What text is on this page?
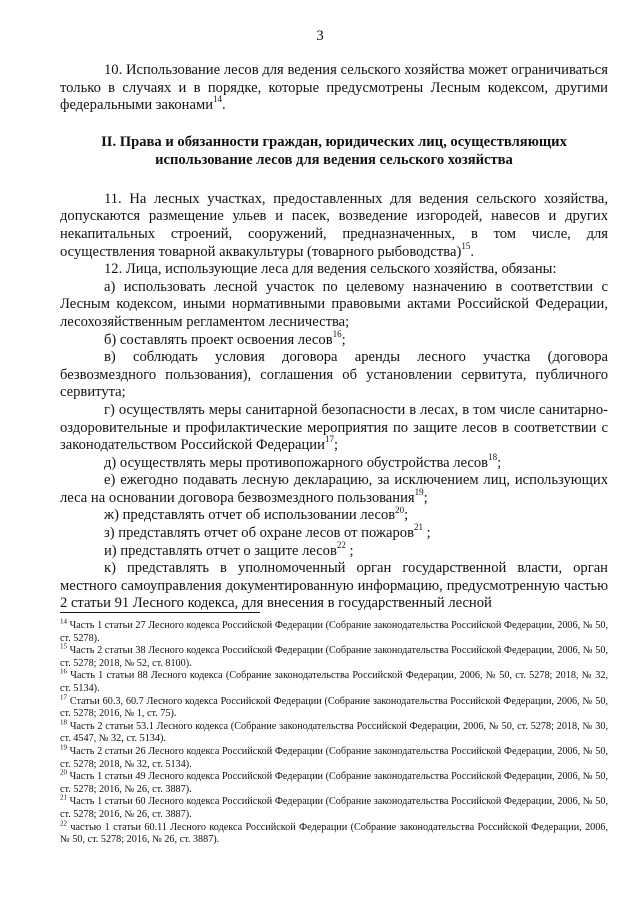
3

10. Использование лесов для ведения сельского хозяйства может ограничиваться только в случаях и в порядке, которые предусмотрены Лесным кодексом, другими федеральными законами$^{14}$.

II. Права и обязанности граждан, юридических лиц, осуществляющих использование лесов для ведения сельского хозяйства

11. На лесных участках, предоставленных для ведения сельского хозяйства, допускаются размещение ульев и пасек, возведение изгородей, навесов и других некапитальных строений, сооружений, предназначенных, в том числе, для осуществления товарной аквакультуры (товарного рыбоводства)$^{15}$.

12. Лица, использующие леса для ведения сельского хозяйства, обязаны:

а) использовать лесной участок по целевому назначению в соответствии с Лесным кодексом, иными нормативными правовыми актами Российской Федерации, лесохозяйственным регламентом лесничества;

б) составлять проект освоения лесов$^{16}$;

в) соблюдать условия договора аренды лесного участка (договора безвозмездного пользования), соглашения об установлении сервитута, публичного сервитута;

г) осуществлять меры санитарной безопасности в лесах, в том числе санитарно-оздоровительные и профилактические мероприятия по защите лесов в соответствии с законодательством Российской Федерации$^{17}$;

д) осуществлять меры противопожарного обустройства лесов$^{18}$;

е) ежегодно подавать лесную декларацию, за исключением лиц, использующих леса на основании договора безвозмездного пользования$^{19}$;

ж) представлять отчет об использовании лесов$^{20}$;

з) представлять отчет об охране лесов от пожаров$^{21}$ ;

и) представлять отчет о защите лесов$^{22}$ ;

к) представлять в уполномоченный орган государственной власти, орган местного самоуправления документированную информацию, предусмотренную частью 2 статьи 91 Лесного кодекса, для внесения в государственный лесной

$^{14}$ Часть 1 статьи 27 Лесного кодекса Российской Федерации (Собрание законодательства Российской Федерации, 2006, № 50, ст. 5278).

$^{15}$ Часть 2 статьи 38 Лесного кодекса Российской Федерации (Собрание законодательства Российской Федерации, 2006, № 50, ст. 5278; 2018, № 52, ст. 8100).

$^{16}$ Часть 1 статьи 88 Лесного кодекса (Собрание законодательства Российской Федерации, 2006, № 50, ст. 5278; 2018, № 32, ст. 5134).

$^{17}$ Статьи 60.3, 60.7 Лесного кодекса Российской Федерации (Собрание законодательства Российской Федерации, 2006, № 50, ст. 5278; 2016, № 1, ст. 75).

$^{18}$ Часть 2 статьи 53.1 Лесного кодекса (Собрание законодательства Российской Федерации, 2006, № 50, ст. 5278; 2018, № 30, ст. 4547, № 32, ст. 5134).

$^{19}$ Часть 2 статьи 26 Лесного кодекса Российской Федерации (Собрание законодательства Российской Федерации, 2006, № 50, ст. 5278; 2018, № 32, ст. 5134).

$^{20}$ Часть 1 статьи 49 Лесного кодекса Российской Федерации (Собрание законодательства Российской Федерации, 2006, № 50, ст. 5278; 2016, № 26, ст. 3887).

$^{21}$ Часть 1 статьи 60 Лесного кодекса Российской Федерации (Собрание законодательства Российской Федерации, 2006, № 50, ст. 5278; 2016, № 26, ст. 3887).

$^{22}$ частью 1 статьи 60.11 Лесного кодекса Российской Федерации (Собрание законодательства Российской Федерации, 2006, № 50, ст. 5278; 2016, № 26, ст. 3887).
